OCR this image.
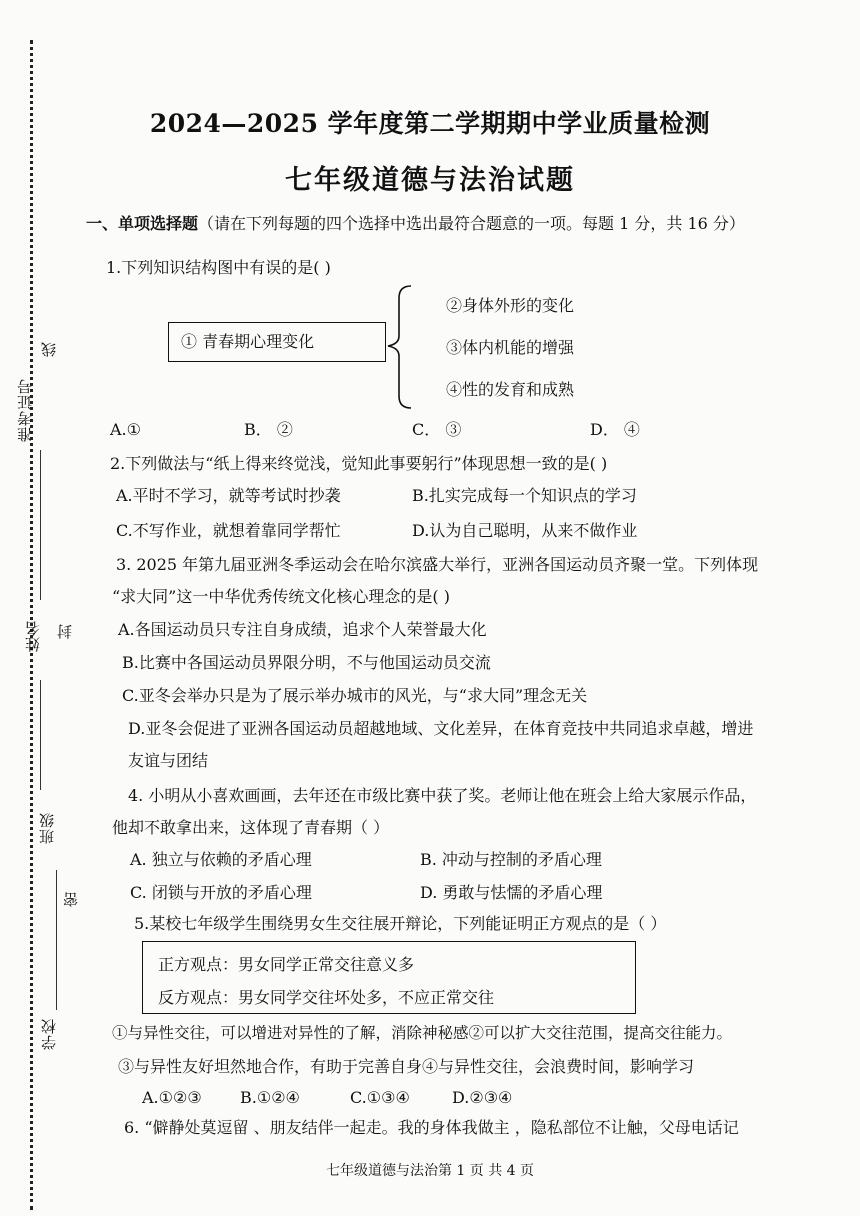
准考证号
姓名
班级
学校
线
封
密
2024—2025 学年度第二学期期中学业质量检测
七年级道德与法治试题
一、单项选择题（请在下列每题的四个选择中选出最符合题意的一项。每题 1 分，共 16 分）
1.下列知识结构图中有误的是( )
① 青春期心理变化
②身体外形的变化
③体内机能的增强
④性的发育和成熟
A.①	B． ②	C． ③	D． ④
2.下列做法与“纸上得来终觉浅，觉知此事要躬行”体现思想一致的是( )
A.平时不学习，就等考试时抄袭	B.扎实完成每一个知识点的学习
C.不写作业，就想着靠同学帮忙	D.认为自己聪明，从来不做作业
3. 2025 年第九届亚洲冬季运动会在哈尔滨盛大举行，亚洲各国运动员齐聚一堂。下列体现
“求大同”这一中华优秀传统文化核心理念的是( )
A.各国运动员只专注自身成绩，追求个人荣誉最大化
B.比赛中各国运动员界限分明，不与他国运动员交流
C.亚冬会举办只是为了展示举办城市的风光，与“求大同”理念无关
D.亚冬会促进了亚洲各国运动员超越地域、文化差异，在体育竞技中共同追求卓越，增进
友谊与团结
4. 小明从小喜欢画画，去年还在市级比赛中获了奖。老师让他在班会上给大家展示作品，
他却不敢拿出来，这体现了青春期（ ）
A. 独立与依赖的矛盾心理	B. 冲动与控制的矛盾心理
C. 闭锁与开放的矛盾心理	D. 勇敢与怯懦的矛盾心理
5.某校七年级学生围绕男女生交往展开辩论，下列能证明正方观点的是（ ）
正方观点：男女同学正常交往意义多
反方观点：男女同学交往坏处多，不应正常交往
①与异性交往，可以增进对异性的了解，消除神秘感②可以扩大交往范围，提高交往能力。
③与异性友好坦然地合作，有助于完善自身④与异性交往，会浪费时间，影响学习
A.①②③ B.①②④	C.①③④	D.②③④
6. “僻静处莫逗留 、朋友结伴一起走。我的身体我做主 ，隐私部位不让触，父母电话记
七年级道德与法治第 1 页 共 4 页
